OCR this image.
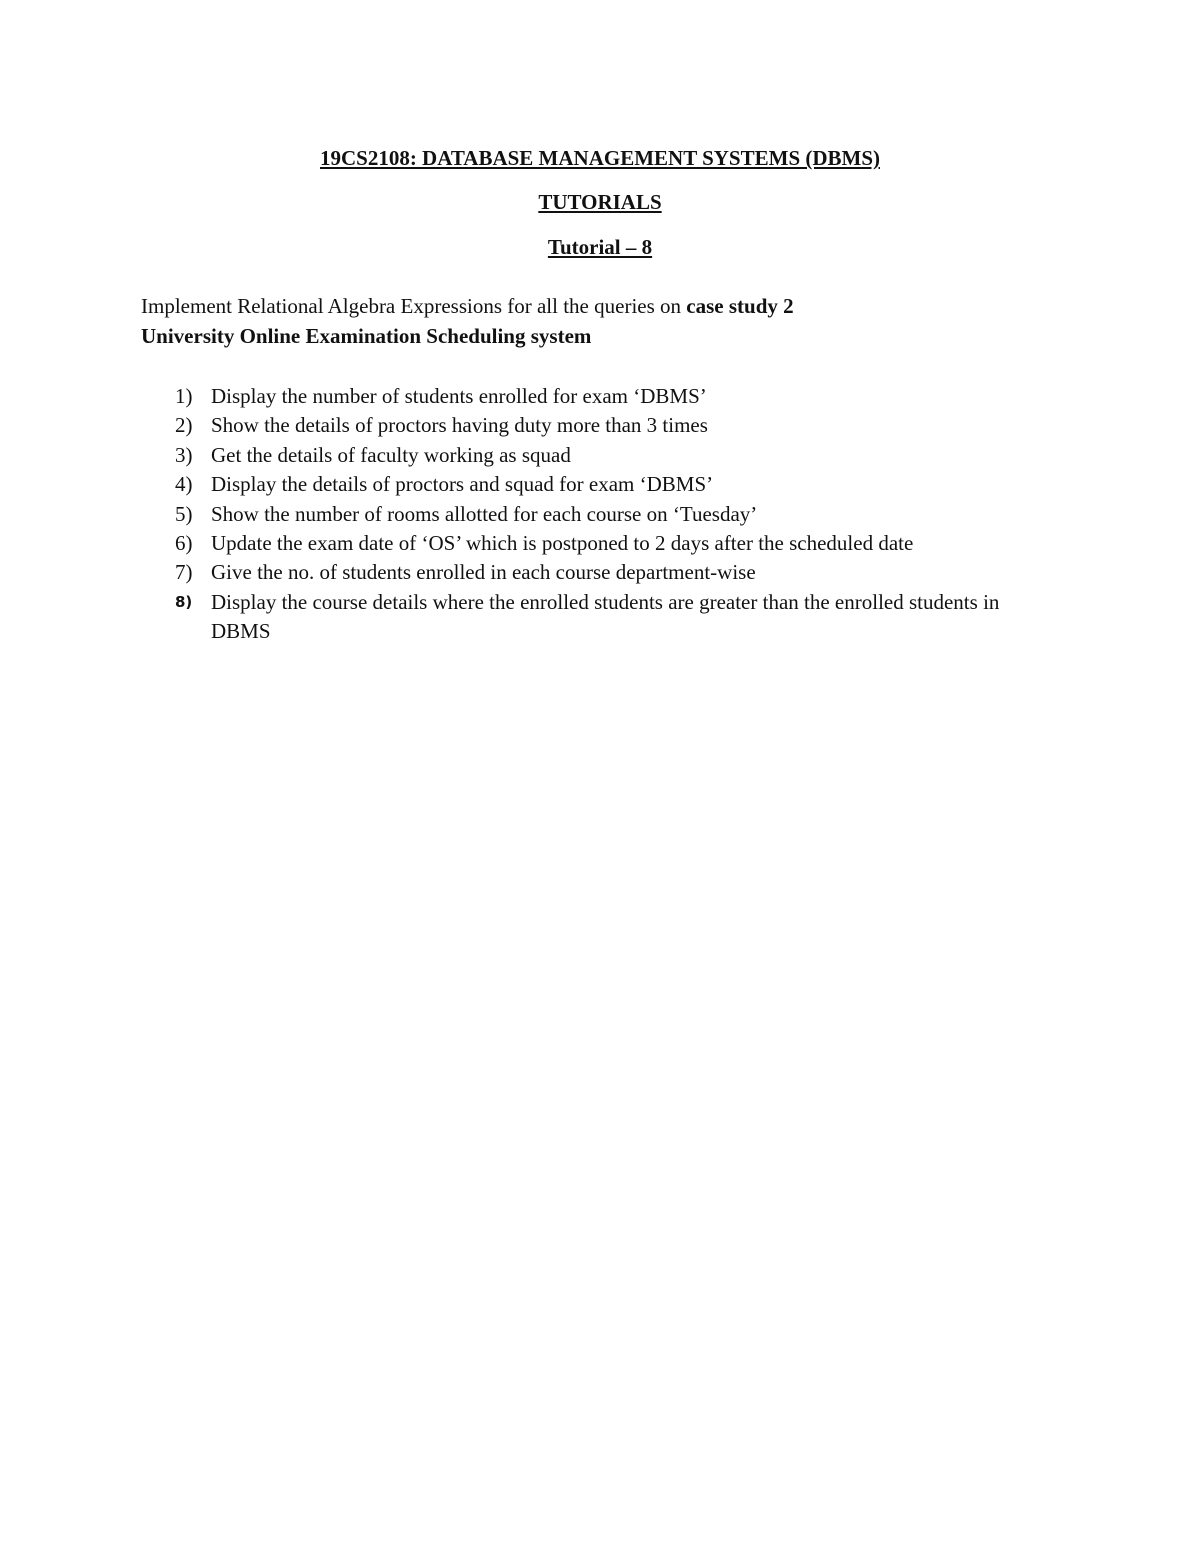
19CS2108: DATABASE MANAGEMENT SYSTEMS (DBMS)
TUTORIALS
Tutorial – 8

Implement Relational Algebra Expressions for all the queries on case study 2

University Online Examination Scheduling system

1) Display the number of students enrolled for exam ‘DBMS’
2) Show the details of proctors having duty more than 3 times
3) Get the details of faculty working as squad
4) Display the details of proctors and squad for exam ‘DBMS’
5) Show the number of rooms allotted for each course on ‘Tuesday’
6) Update the exam date of ‘OS’ which is postponed to 2 days after the scheduled date
7) Give the no. of students enrolled in each course department-wise
8) Display the course details where the enrolled students are greater than the enrolled students in DBMS
